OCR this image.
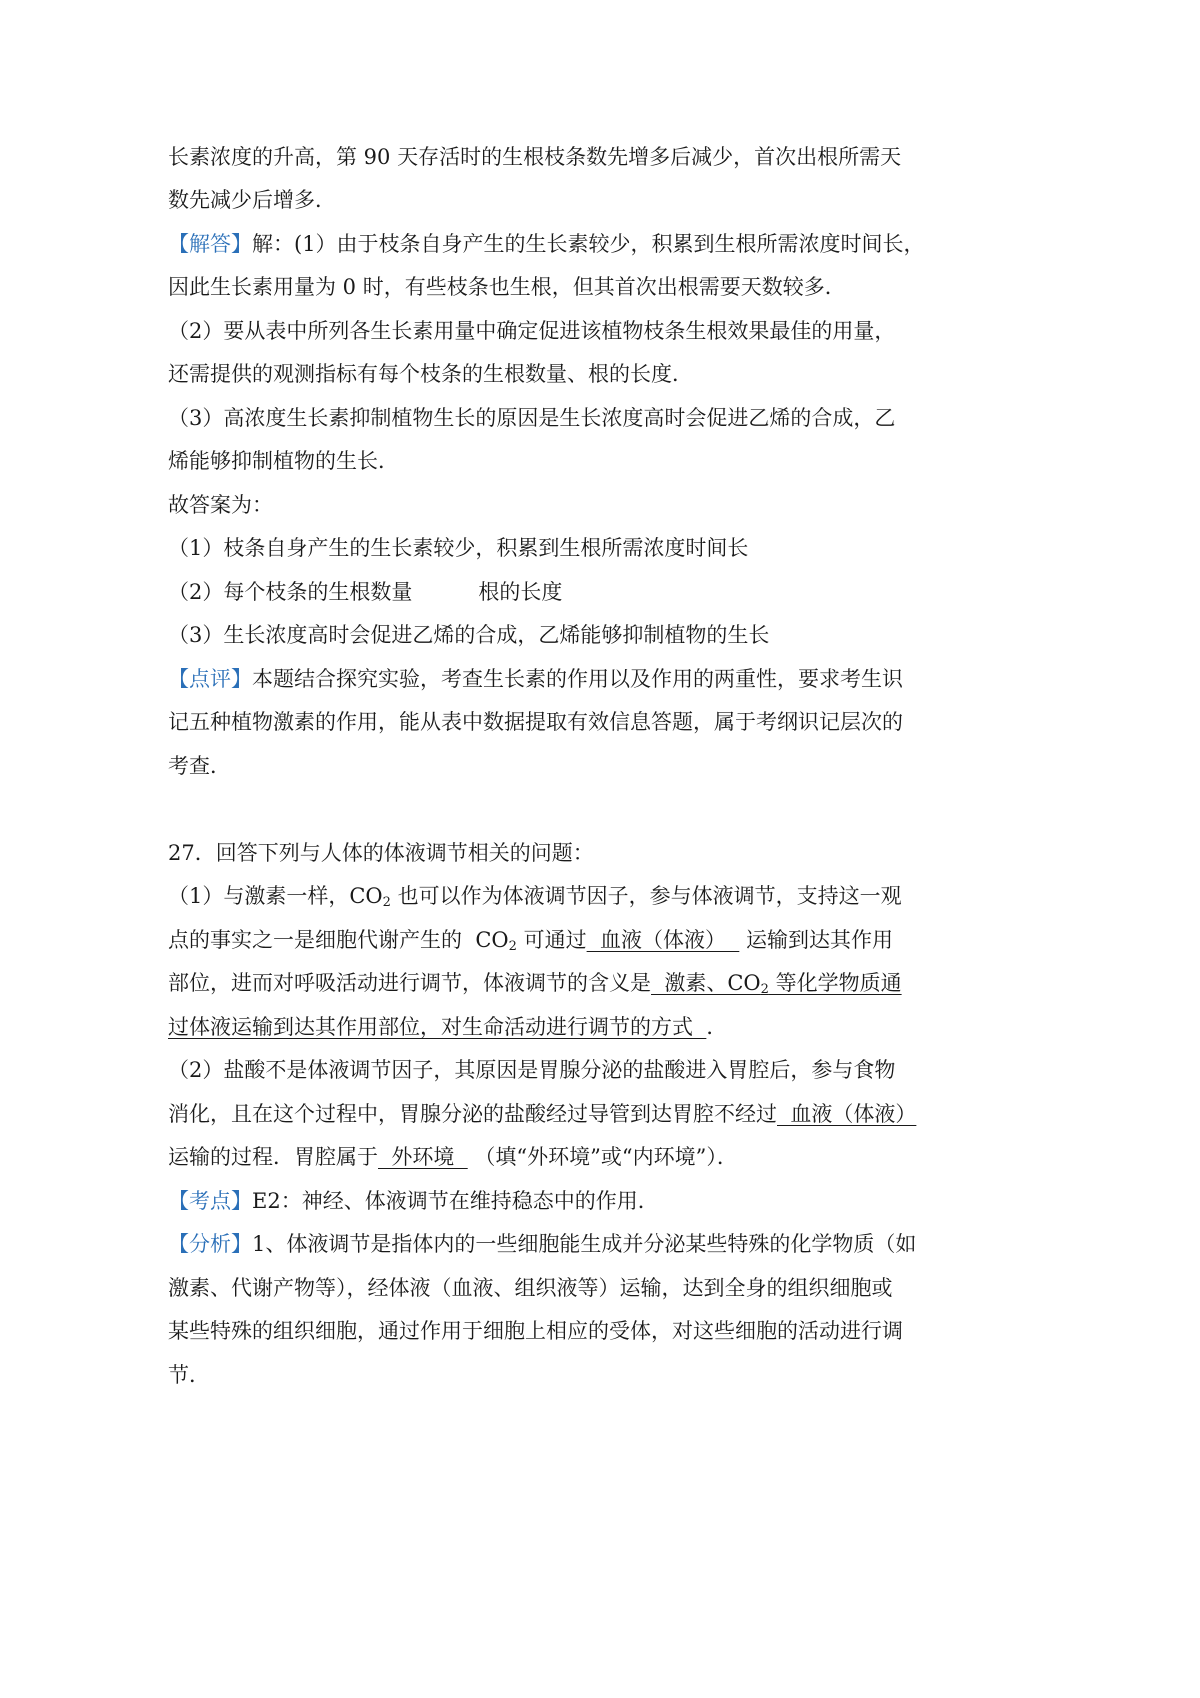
长素浓度的升高，第 90 天存活时的生根枝条数先增多后减少，首次出根所需天
数先减少后增多．
【解答】解：(1）由于枝条自身产生的生长素较少，积累到生根所需浓度时间长，
因此生长素用量为 0 时，有些枝条也生根，但其首次出根需要天数较多．
（2）要从表中所列各生长素用量中确定促进该植物枝条生根效果最佳的用量，
还需提供的观测指标有每个枝条的生根数量、根的长度．
（3）高浓度生长素抑制植物生长的原因是生长浓度高时会促进乙烯的合成，乙
烯能够抑制植物的生长．
故答案为：
（1）枝条自身产生的生长素较少，积累到生根所需浓度时间长
（2）每个枝条的生根数量	根的长度
（3）生长浓度高时会促进乙烯的合成，乙烯能够抑制植物的生长
【点评】本题结合探究实验，考查生长素的作用以及作用的两重性，要求考生识
记五种植物激素的作用，能从表中数据提取有效信息答题，属于考纲识记层次的
考查．
27．回答下列与人体的体液调节相关的问题：
（1）与激素一样，$CO_2$ 也可以作为体液调节因子，参与体液调节，支持这一观
点的事实之一是细胞代谢产生的  $CO_2$ 可通过  血液（体液）   运输到达其作用
部位，进而对呼吸活动进行调节，体液调节的含义是  激素、$CO_2$ 等化学物质通
过体液运输到达其作用部位，对生命活动进行调节的方式  ．
（2）盐酸不是体液调节因子，其原因是胃腺分泌的盐酸进入胃腔后，参与食物
消化，且在这个过程中，胃腺分泌的盐酸经过导管到达胃腔不经过  血液（体液）
运输的过程．胃腔属于  外环境   （填“外环境”或“内环境”）．
【考点】E2：神经、体液调节在维持稳态中的作用．
【分析】1、体液调节是指体内的一些细胞能生成并分泌某些特殊的化学物质（如
激素、代谢产物等），经体液（血液、组织液等）运输，达到全身的组织细胞或
某些特殊的组织细胞，通过作用于细胞上相应的受体，对这些细胞的活动进行调
节．
